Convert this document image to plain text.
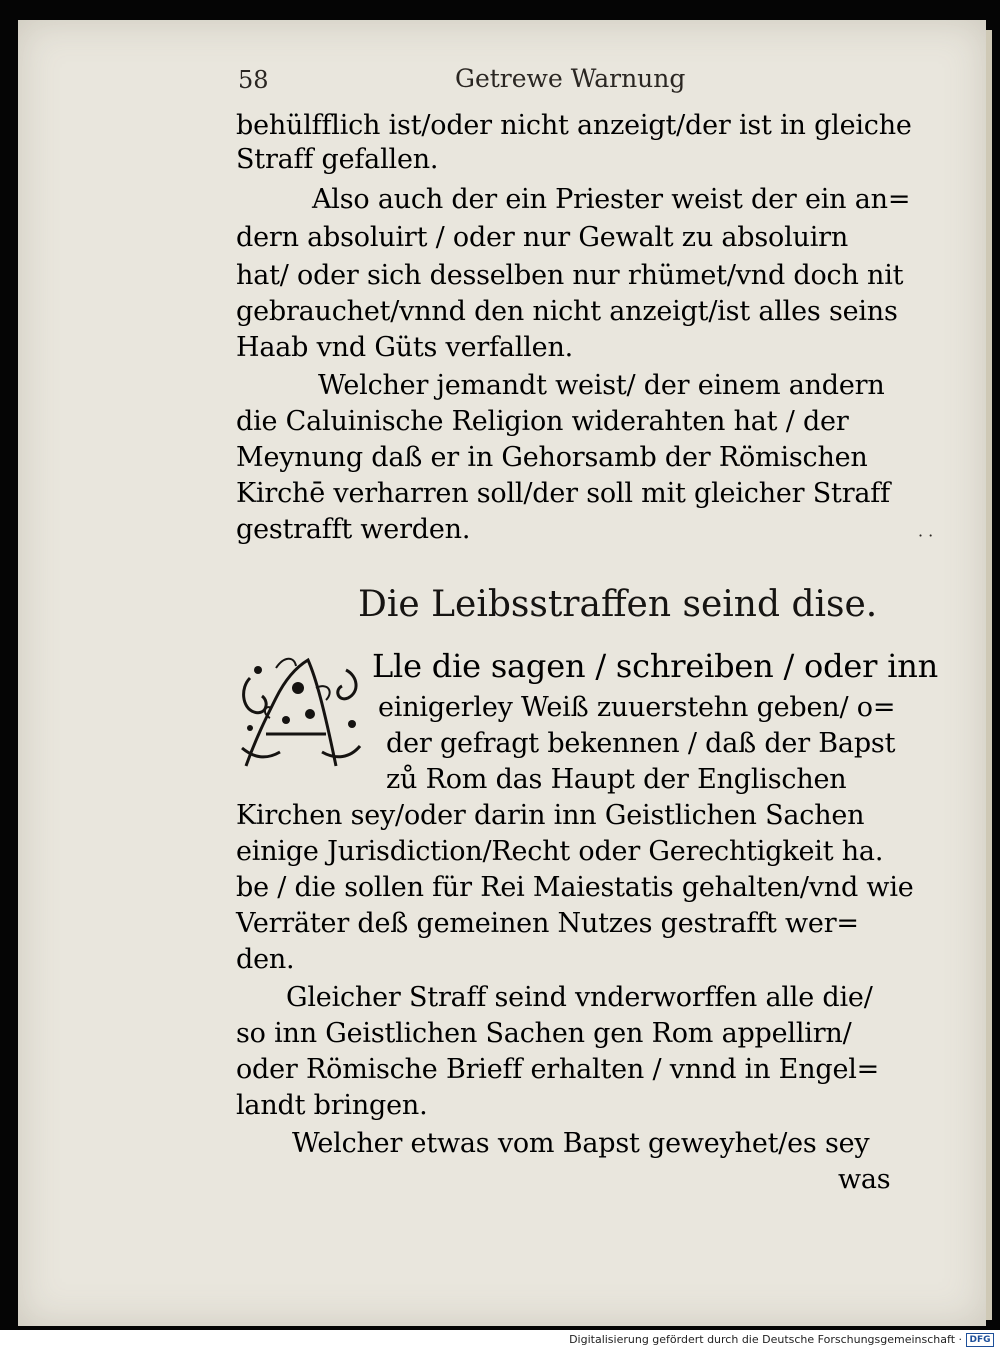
58	Getrewe Warnung
behülfflich ist/oder nicht anzeigt/der ist in gleiche
Straff gefallen.
Also auch der ein Priester weist der ein an=
dern absoluirt / oder nur Gewalt zu absoluirn
hat/ oder sich desselben nur rhümet/vnd doch nit
gebrauchet/vnnd den nicht anzeigt/ist alles seins
Haab vnd Güts verfallen.
Welcher jemandt weist/ der einem andern
die Caluinische Religion widerahten hat / der
Meynung daß er in Gehorsamb der Römischen
Kirchē verharren soll/der soll mit gleicher Straff
gestrafft werden.	· ·
Die Leibsstraffen seind dise.
Lle die sagen / schreiben / oder inn
einigerley Weiß zuuerstehn geben/ o=
der gefragt bekennen / daß der Bapst
zů Rom das Haupt der Englischen
Kirchen sey/oder darin inn Geistlichen Sachen
einige Jurisdiction/Recht oder Gerechtigkeit ha.
be / die sollen für Rei Maiestatis gehalten/vnd wie
Verräter deß gemeinen Nutzes gestrafft wer=
den.
Gleicher Straff seind vnderworffen alle die/
so inn Geistlichen Sachen gen Rom appellirn/
oder Römische Brieff erhalten / vnnd in Engel=
landt bringen.
Welcher etwas vom Bapst geweyhet/es sey
was
Digitalisierung gefördert durch die Deutsche Forschungsgemeinschaft · DFG
